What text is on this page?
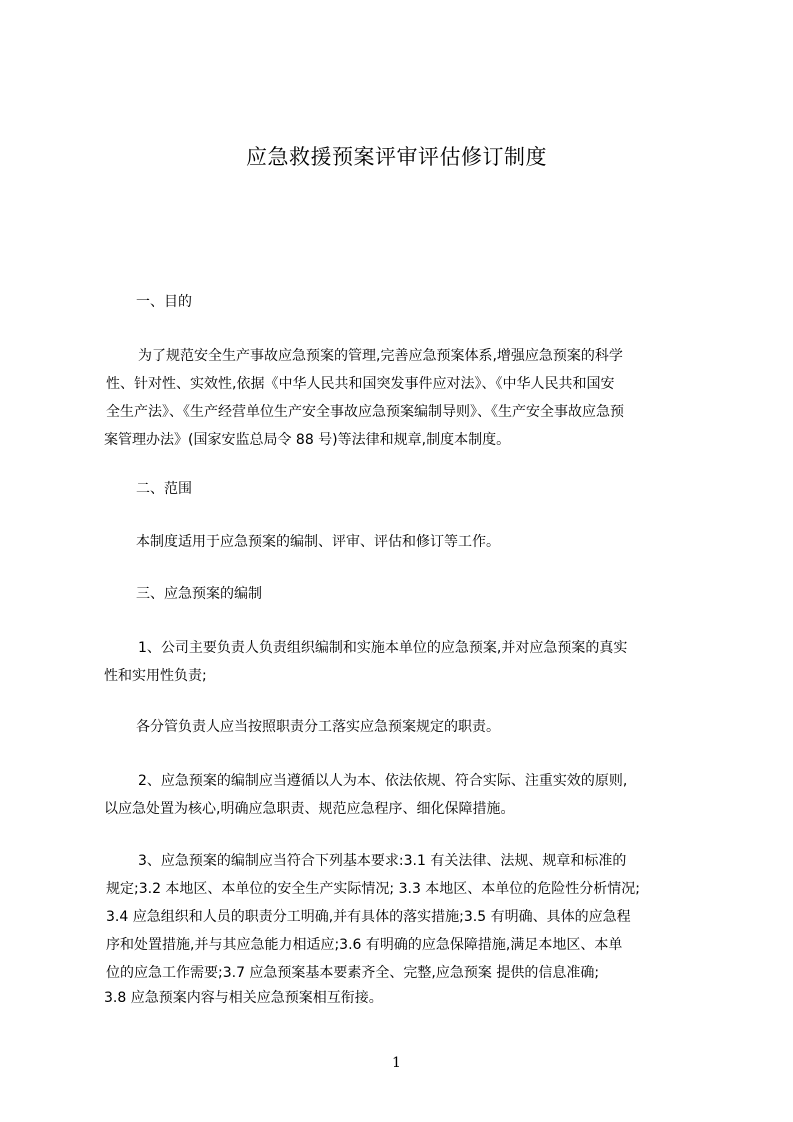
应急救援预案评审评估修订制度
一、目的
为了规范安全生产事故应急预案的管理,完善应急预案体系,增强应急预案的科学
性、针对性、实效性,依据《中华人民共和国突发事件应对法》、《中华人民共和国安
全生产法》、《生产经营单位生产安全事故应急预案编制导则》、《生产安全事故应急预
案管理办法》(国家安监总局令 88 号)等法律和规章,制度本制度。
二、范围
本制度适用于应急预案的编制、评审、评估和修订等工作。
三、应急预案的编制
1、公司主要负责人负责组织编制和实施本单位的应急预案,并对应急预案的真实
性和实用性负责;
各分管负责人应当按照职责分工落实应急预案规定的职责。
2、应急预案的编制应当遵循以人为本、依法依规、符合实际、注重实效的原则,
以应急处置为核心,明确应急职责、规范应急程序、细化保障措施。
3、应急预案的编制应当符合下列基本要求:3.1 有关法律、法规、规章和标准的
规定;3.2 本地区、本单位的安全生产实际情况; 3.3 本地区、本单位的危险性分析情况;
3.4 应急组织和人员的职责分工明确,并有具体的落实措施;3.5 有明确、具体的应急程
序和处置措施,并与其应急能力相适应;3.6 有明确的应急保障措施,满足本地区、本单
位的应急工作需要;3.7 应急预案基本要素齐全、完整,应急预案 提供的信息准确;
3.8 应急预案内容与相关应急预案相互衔接。
1
